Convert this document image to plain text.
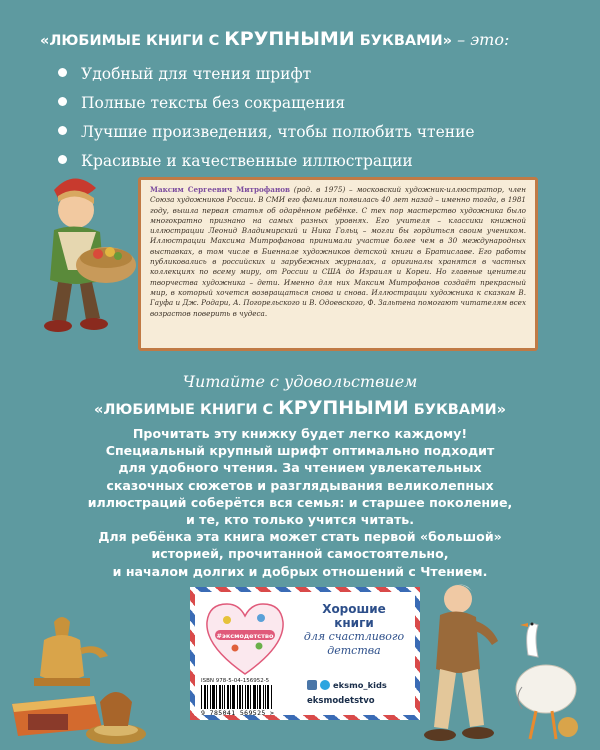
«ЛЮБИМЫЕ КНИГИ С КРУПНЫМИ БУКВАМИ» – это:
Удобный для чтения шрифт
Полные тексты без сокращения
Лучшие произведения, чтобы полюбить чтение
Красивые и качественные иллюстрации
Максим Сергеевич Митрофанов (род. в 1975) – московский художник-иллюстратор, член Союза художников России. В СМИ его фамилия появилась 40 лет назад – именно тогда, в 1981 году, вышла первая статья об одарённом ребёнке. С тех пор мастерство художника было многократно признано на самых разных уровнях. Его учителя – классики книжной иллюстрации Леонид Владимирский и Ника Гольц – могли бы гордиться своим учеником. Иллюстрации Максима Митрофанова принимали участие более чем в 30 международных выставках, в том числе в Биеннале художников детской книги в Братиславе. Его работы публиковались в российских и зарубежных журналах, а оригиналы хранятся в частных коллекциях по всему миру, от России и США до Израиля и Кореи. Но главные ценители творчества художника – дети. Именно для них Максим Митрофанов создаёт прекрасный мир, в который хочется возвращаться снова и снова. Иллюстрации художника к сказкам В. Гауфа и Дж. Родари, А. Погорельского и В. Одоевского, Ф. Зальтена помогают читателям всех возрастов поверить в чудеса.
Читайте с удовольствием
«ЛЮБИМЫЕ КНИГИ С КРУПНЫМИ БУКВАМИ»

Прочитать эту книжку будет легко каждому!

Специальный крупный шрифт оптимально подходит

для удобного чтения. За чтением увлекательных

сказочных сюжетов и разглядывания великолепных

иллюстраций соберётся вся семья: и старшее поколение,

и те, кто только учится читать.

Для ребёнка эта книга может стать первой «большой»

историей, прочитанной самостоятельно,

и началом долгих и добрых отношений с Чтением.

#эксмодетство
Хорошие
книги
для счастливого
детства
ISBN 978-5-04-156952-5
9 785041 569525 >
eksmo_kids
eksmodetstvo
